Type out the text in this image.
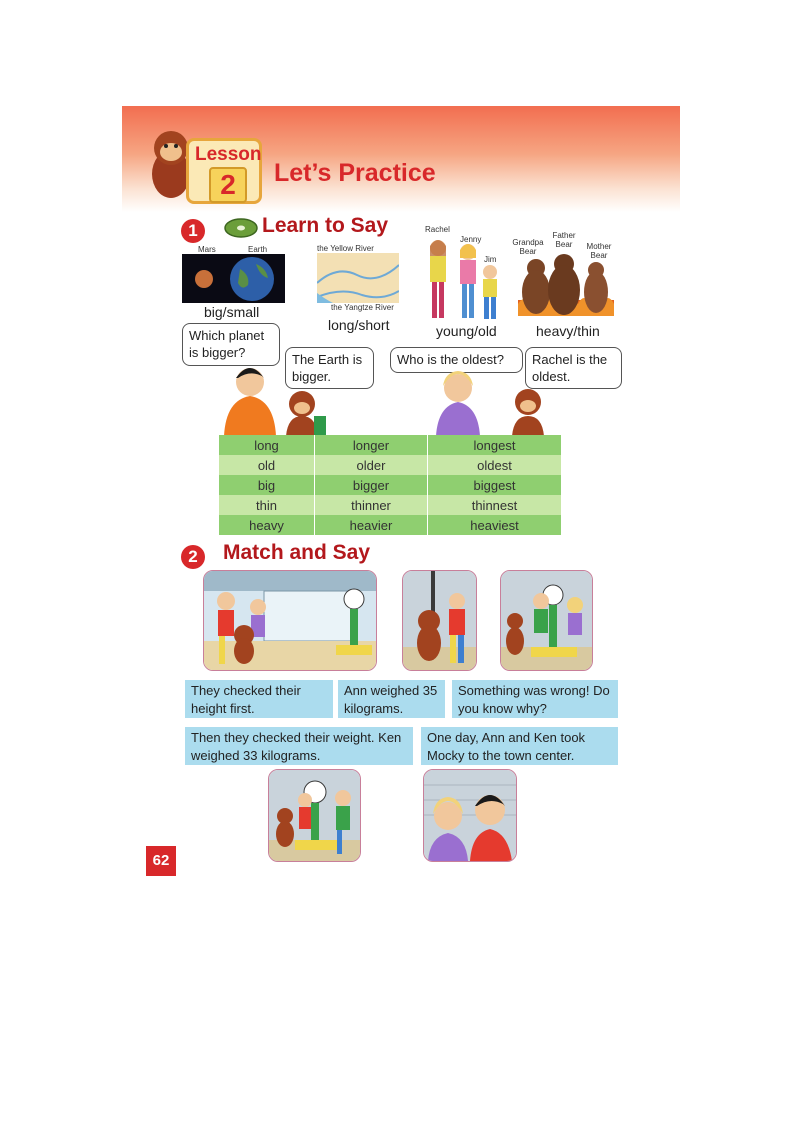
Lesson
2	Let’s Practice
1	Learn to Say
Mars	Earth
big/small
the Yellow River
the Yangtze River
long/short
Rachel
Jenny
Jim
young/old
Grandpa Bear
Father Bear	Mother Bear
heavy/thin
Which planet is bigger?	The Earth is bigger.
Who is the oldest?	Rachel is the oldest.
long	longer	longest
old	older	oldest
big	bigger	biggest
thin	thinner	thinnest
heavy	heavier	heaviest
2	Match and Say
They checked their height first.
Ann weighed 35 kilograms.
Something was wrong! Do you know why?
Then they checked their weight. Ken weighed 33 kilograms.
One day, Ann and Ken took Mocky to the town center.
62
